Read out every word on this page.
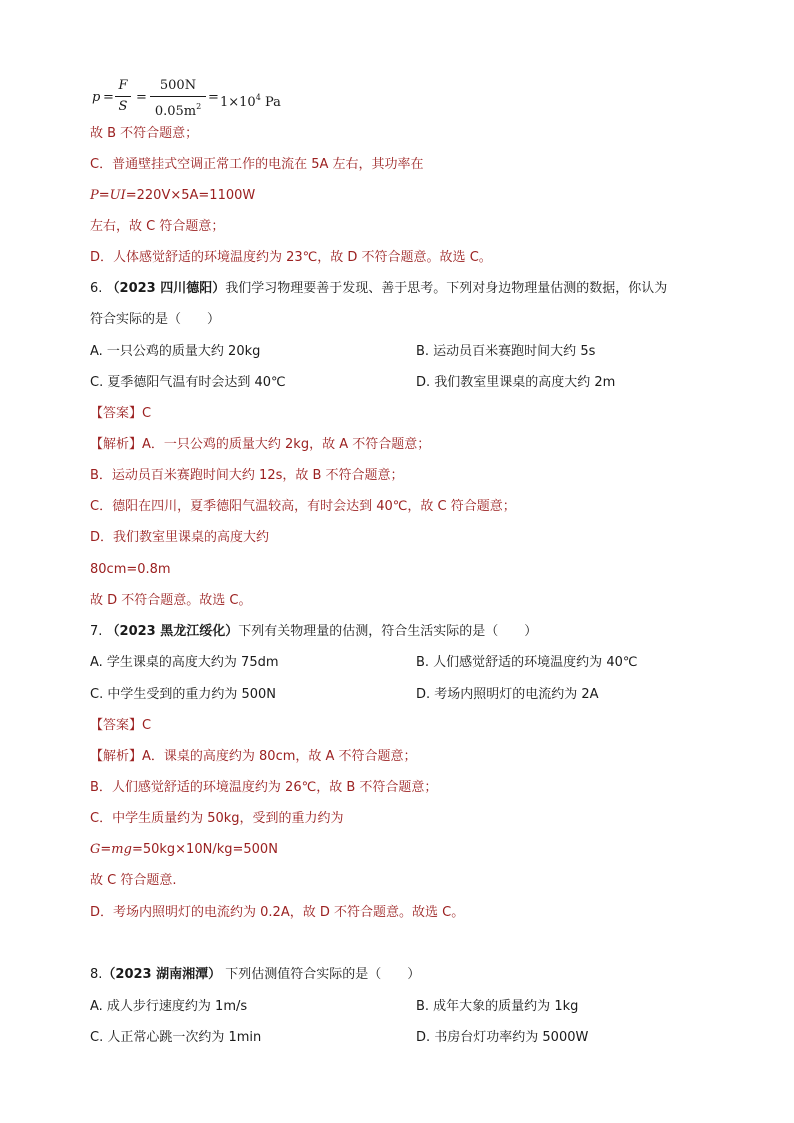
$p = \frac{F}{S} = \frac{500N}{0.05m^2} = 1\times 10^4$ Pa
故 B 不符合题意；
C．普通壁挂式空调正常工作的电流在 5A 左右，其功率在
P=UI=220V×5A=1100W
左右，故 C 符合题意；
D．人体感觉舒适的环境温度约为 23℃，故 D 不符合题意。故选 C。
6. （2023 四川德阳）我们学习物理要善于发现、善于思考。下列对身边物理量估测的数据，你认为
符合实际的是（　　）
A. 一只公鸡的质量大约 20kg	B. 运动员百米赛跑时间大约 5s
C. 夏季德阳气温有时会达到 40℃	D. 我们教室里课桌的高度大约 2m
【答案】C
【解析】A．一只公鸡的质量大约 2kg，故 A 不符合题意；
B．运动员百米赛跑时间大约 12s，故 B 不符合题意；
C．德阳在四川，夏季德阳气温较高，有时会达到 40℃，故 C 符合题意；
D．我们教室里课桌的高度大约
80cm=0.8m
故 D 不符合题意。故选 C。
7. （2023 黑龙江绥化）下列有关物理量的估测，符合生活实际的是（　　）
A. 学生课桌的高度大约为 75dm	B. 人们感觉舒适的环境温度约为 40℃
C. 中学生受到的重力约为 500N	D. 考场内照明灯的电流约为 2A
【答案】C
【解析】A．课桌的高度约为 80cm，故 A 不符合题意；
B．人们感觉舒适的环境温度约为 26℃，故 B 不符合题意；
C．中学生质量约为 50kg，受到的重力约为
G=mg=50kg×10N/kg=500N
故 C 符合题意.
D．考场内照明灯的电流约为 0.2A，故 D 不符合题意。故选 C。
8.（2023 湖南湘潭） 下列估测值符合实际的是（　　）
A. 成人步行速度约为 1m/s	B. 成年大象的质量约为 1kg
C. 人正常心跳一次约为 1min	D. 书房台灯功率约为 5000W
